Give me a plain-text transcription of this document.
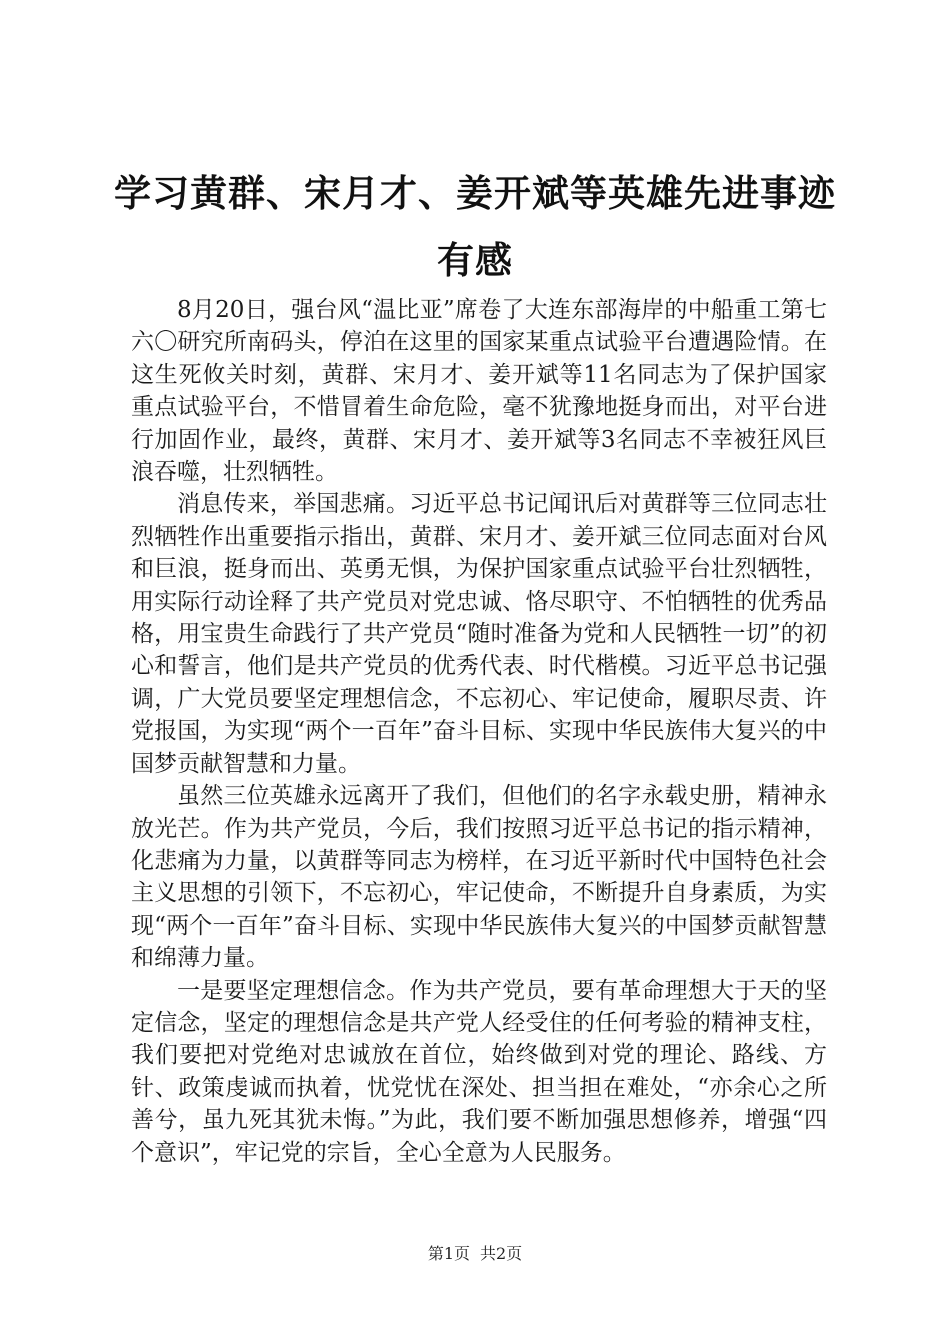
学习黄群、宋月才、姜开斌等英雄先进事迹有感

8月20日，强台风“温比亚”席卷了大连东部海岸的中船重工第七六〇研究所南码头，停泊在这里的国家某重点试验平台遭遇险情。在这生死攸关时刻，黄群、宋月才、姜开斌等11名同志为了保护国家重点试验平台，不惜冒着生命危险，毫不犹豫地挺身而出，对平台进行加固作业，最终，黄群、宋月才、姜开斌等3名同志不幸被狂风巨浪吞噬，壮烈牺牲。

消息传来，举国悲痛。习近平总书记闻讯后对黄群等三位同志壮烈牺牲作出重要指示指出，黄群、宋月才、姜开斌三位同志面对台风和巨浪，挺身而出、英勇无惧，为保护国家重点试验平台壮烈牺牲，用实际行动诠释了共产党员对党忠诚、恪尽职守、不怕牺牲的优秀品格，用宝贵生命践行了共产党员“随时准备为党和人民牺牲一切”的初心和誓言，他们是共产党员的优秀代表、时代楷模。习近平总书记强调，广大党员要坚定理想信念，不忘初心、牢记使命，履职尽责、许党报国，为实现“两个一百年”奋斗目标、实现中华民族伟大复兴的中国梦贡献智慧和力量。

虽然三位英雄永远离开了我们，但他们的名字永载史册，精神永放光芒。作为共产党员，今后，我们按照习近平总书记的指示精神，化悲痛为力量，以黄群等同志为榜样，在习近平新时代中国特色社会主义思想的引领下，不忘初心，牢记使命，不断提升自身素质，为实现“两个一百年”奋斗目标、实现中华民族伟大复兴的中国梦贡献智慧和绵薄力量。

一是要坚定理想信念。作为共产党员，要有革命理想大于天的坚定信念，坚定的理想信念是共产党人经受住的任何考验的精神支柱，我们要把对党绝对忠诚放在首位，始终做到对党的理论、路线、方针、政策虔诚而执着，忧党忧在深处、担当担在难处，“亦余心之所善兮，虽九死其犹未悔。”为此，我们要不断加强思想修养，增强“四个意识”，牢记党的宗旨，全心全意为人民服务。

第1页 共2页
